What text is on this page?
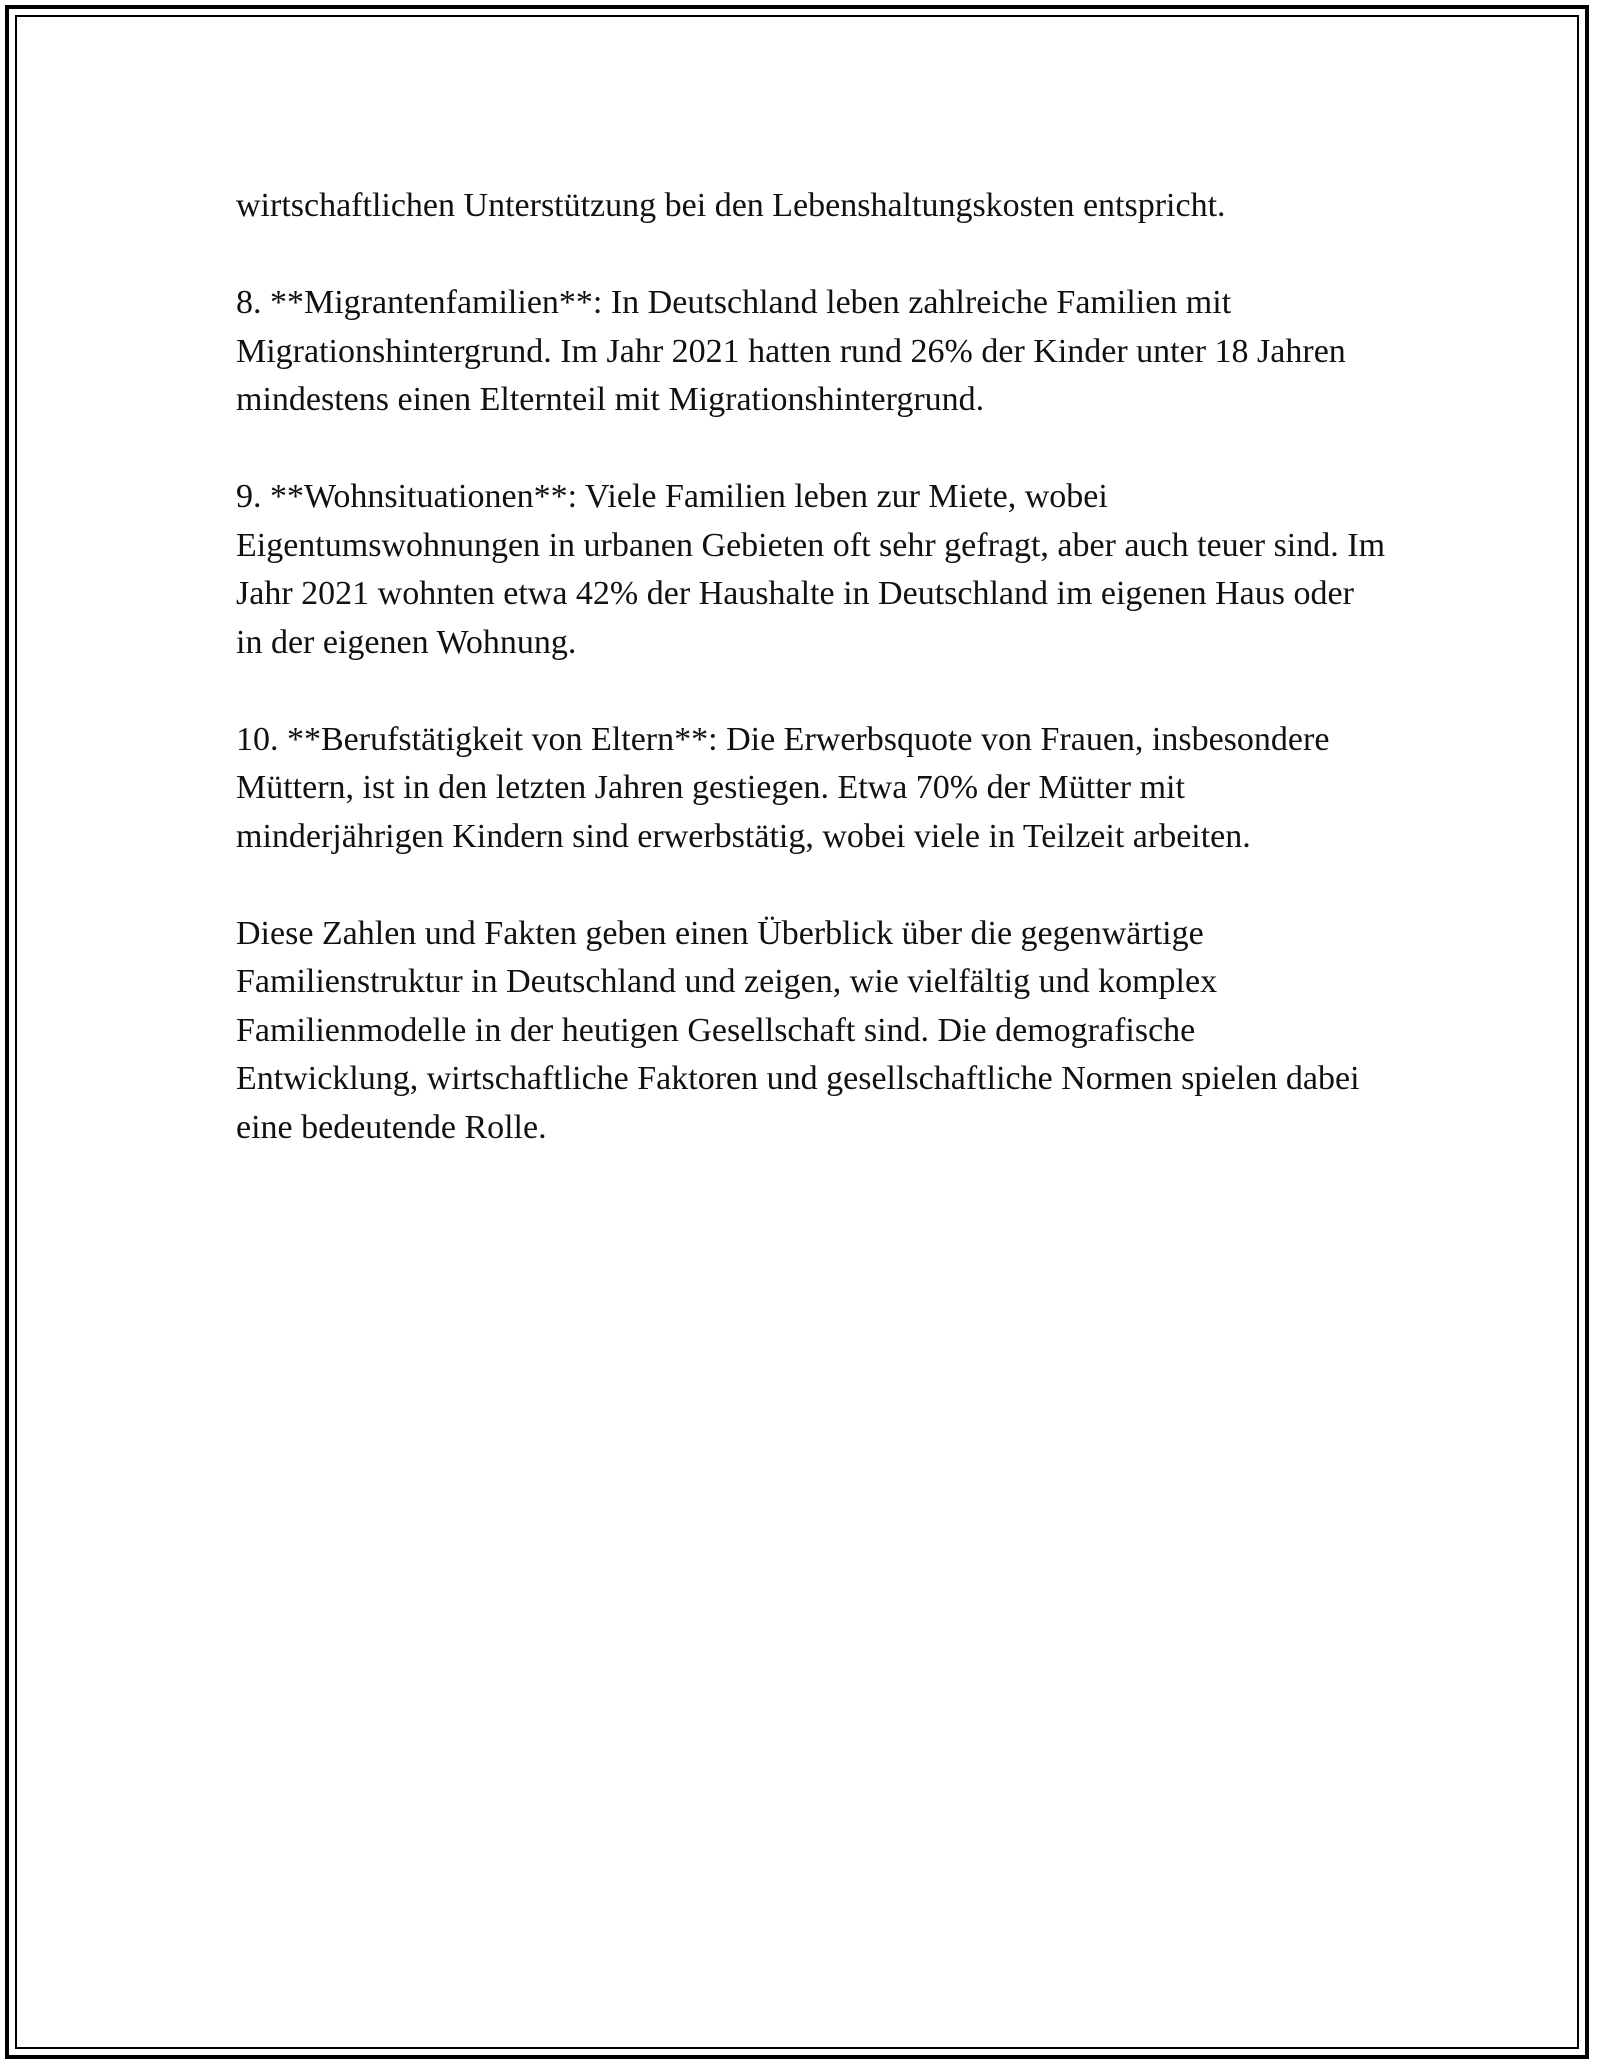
wirtschaftlichen Unterstützung bei den Lebenshaltungskosten entspricht.

8. **Migrantenfamilien**: In Deutschland leben zahlreiche Familien mit Migrationshintergrund. Im Jahr 2021 hatten rund 26% der Kinder unter 18 Jahren mindestens einen Elternteil mit Migrationshintergrund.

9. **Wohnsituationen**: Viele Familien leben zur Miete, wobei Eigentumswohnungen in urbanen Gebieten oft sehr gefragt, aber auch teuer sind. Im Jahr 2021 wohnten etwa 42% der Haushalte in Deutschland im eigenen Haus oder in der eigenen Wohnung.

10. **Berufstätigkeit von Eltern**: Die Erwerbsquote von Frauen, insbesondere Müttern, ist in den letzten Jahren gestiegen. Etwa 70% der Mütter mit minderjährigen Kindern sind erwerbstätig, wobei viele in Teilzeit arbeiten.

Diese Zahlen und Fakten geben einen Überblick über die gegenwärtige Familienstruktur in Deutschland und zeigen, wie vielfältig und komplex Familienmodelle in der heutigen Gesellschaft sind. Die demografische Entwicklung, wirtschaftliche Faktoren und gesellschaftliche Normen spielen dabei eine bedeutende Rolle.
